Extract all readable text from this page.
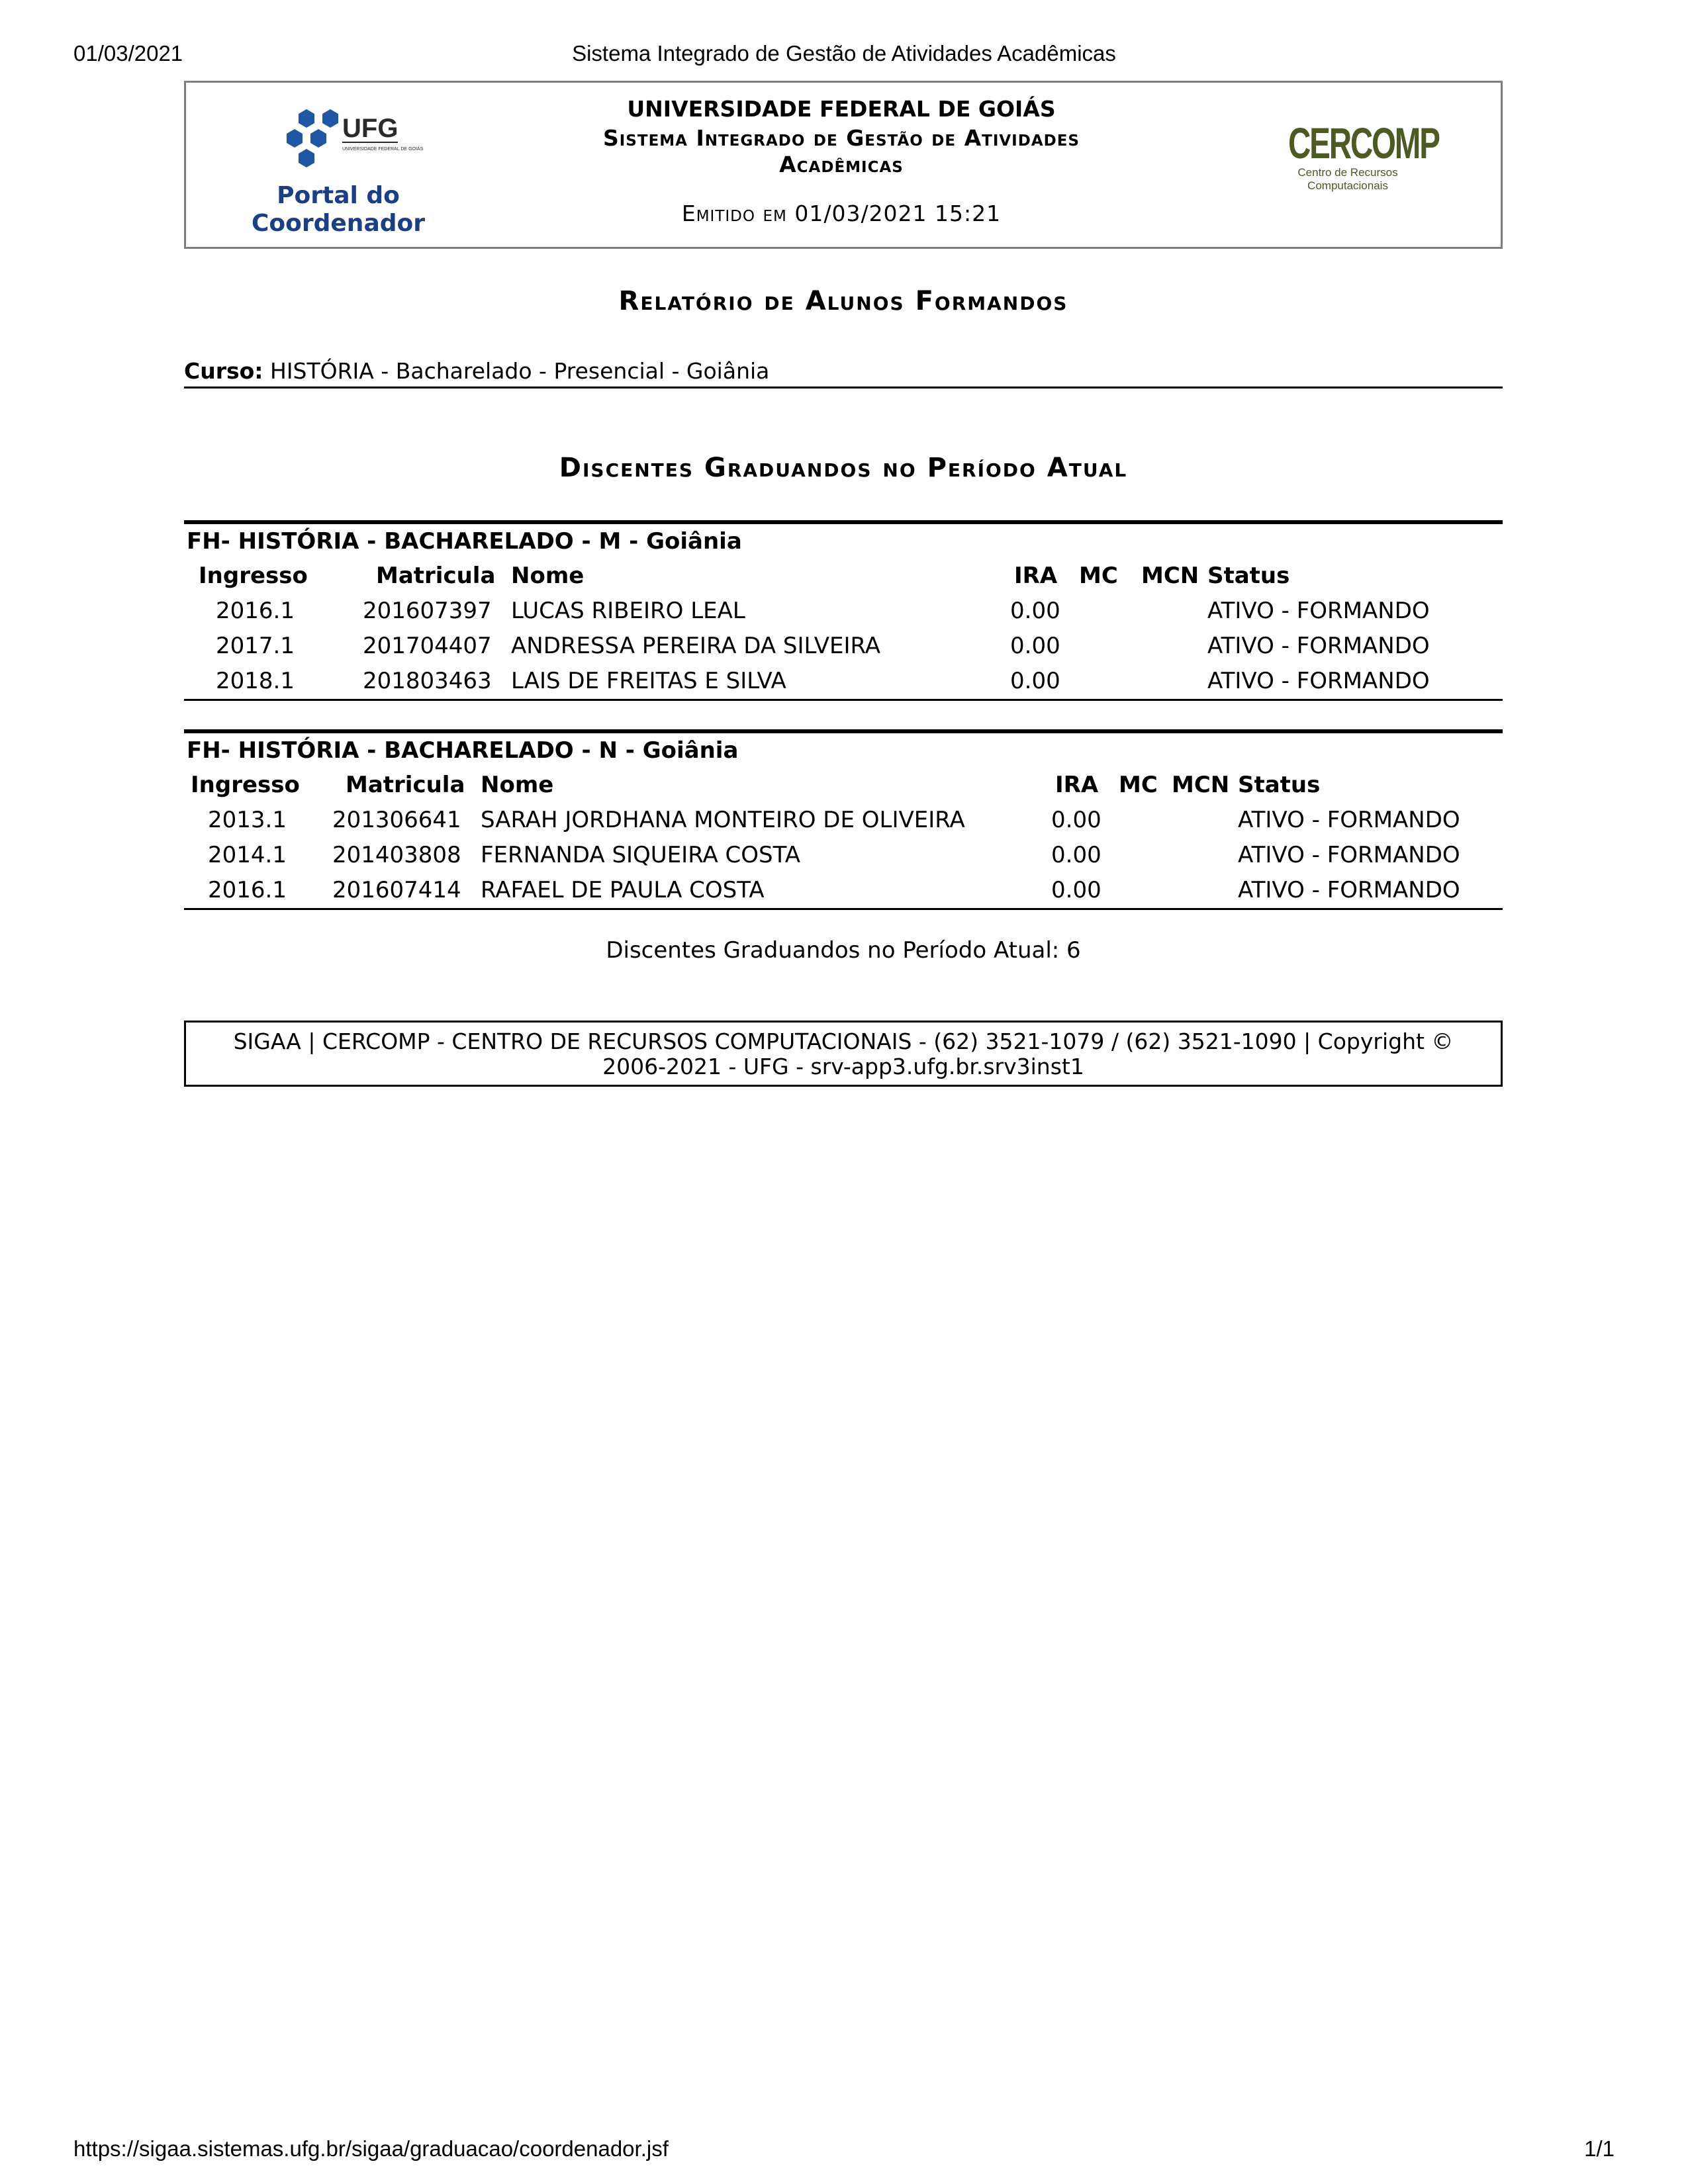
01/03/2021	Sistema Integrado de Gestão de Atividades Acadêmicas
UFG
UNIVERSIDADE FEDERAL DE GOIÁS
Portal do
Coordenador
UNIVERSIDADE FEDERAL DE GOIÁS
Sistema Integrado de Gestão de Atividades
Acadêmicas
Emitido em 01/03/2021 15:21
CERCOMP
Centro de Recursos Computacionais
Relatório de Alunos Formandos
Curso: HISTÓRIA - Bacharelado - Presencial - Goiânia
Discentes Graduandos no Período Atual
FH- HISTÓRIA - BACHARELADO - M - Goiânia
Ingresso	Matricula Nome	IRA MC MCN Status
2016.1	201607397 LUCAS RIBEIRO LEAL	0.00	ATIVO - FORMANDO
2017.1	201704407 ANDRESSA PEREIRA DA SILVEIRA	0.00	ATIVO - FORMANDO
2018.1	201803463 LAIS DE FREITAS E SILVA	0.00	ATIVO - FORMANDO
FH- HISTÓRIA - BACHARELADO - N - Goiânia
Ingresso Matricula Nome	IRA MC MCN Status
2013.1 201306641 SARAH JORDHANA MONTEIRO DE OLIVEIRA	0.00	ATIVO - FORMANDO
2014.1 201403808 FERNANDA SIQUEIRA COSTA	0.00	ATIVO - FORMANDO
2016.1 201607414 RAFAEL DE PAULA COSTA	0.00	ATIVO - FORMANDO
Discentes Graduandos no Período Atual: 6
SIGAA | CERCOMP - CENTRO DE RECURSOS COMPUTACIONAIS - (62) 3521-1079 / (62) 3521-1090 | Copyright ©
2006-2021 - UFG - srv-app3.ufg.br.srv3inst1
https://sigaa.sistemas.ufg.br/sigaa/graduacao/coordenador.jsf	1/1
